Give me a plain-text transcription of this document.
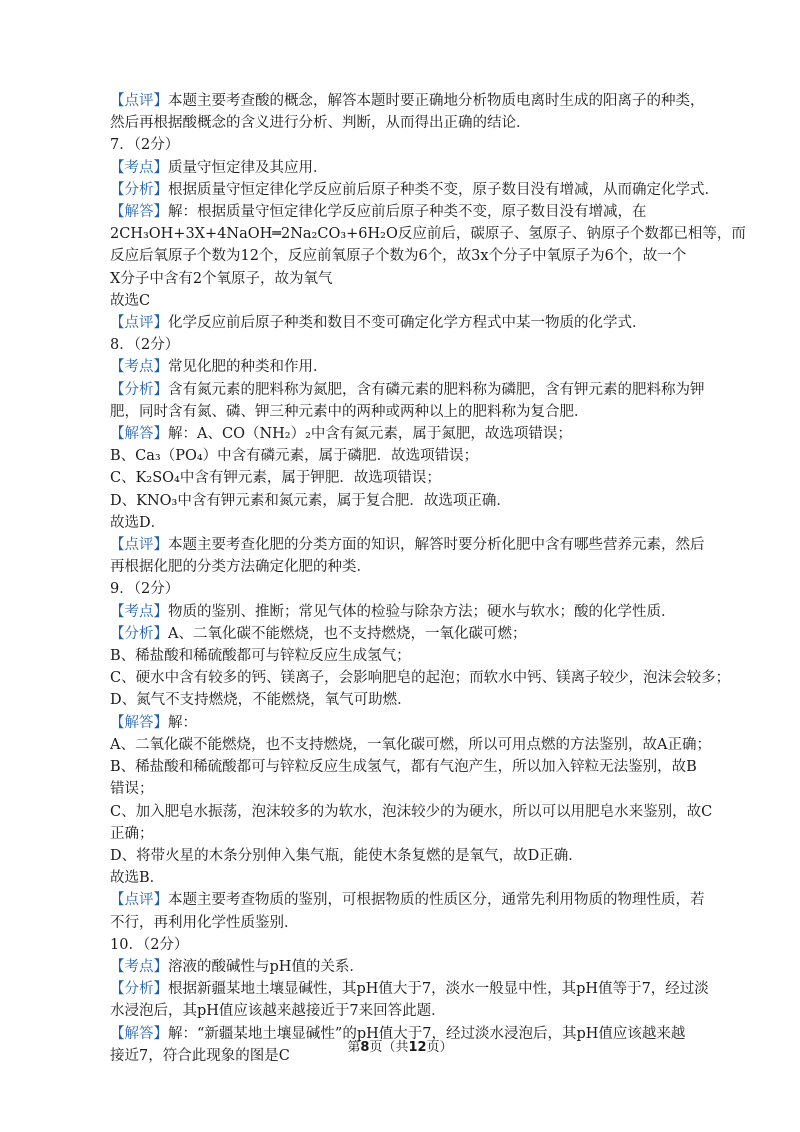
【点评】本题主要考查酸的概念，解答本题时要正确地分析物质电离时生成的阳离子的种类，
然后再根据酸概念的含义进行分析、判断，从而得出正确的结论．
7．（2分）
【考点】质量守恒定律及其应用．
【分析】根据质量守恒定律化学反应前后原子种类不变，原子数目没有增减，从而确定化学式．
【解答】解：根据质量守恒定律化学反应前后原子种类不变，原子数目没有增减，在
2CH₃OH+3X+4NaOH═2Na₂CO₃+6H₂O反应前后，碳原子、氢原子、钠原子个数都已相等，而
反应后氧原子个数为12个，反应前氧原子个数为6个，故3x个分子中氧原子为6个，故一个
X分子中含有2个氧原子，故为氧气
故选C
【点评】化学反应前后原子种类和数目不变可确定化学方程式中某一物质的化学式．
8．（2分）
【考点】常见化肥的种类和作用．
【分析】含有氮元素的肥料称为氮肥，含有磷元素的肥料称为磷肥，含有钾元素的肥料称为钾
肥，同时含有氮、磷、钾三种元素中的两种或两种以上的肥料称为复合肥．
【解答】解：A、CO（NH₂）₂中含有氮元素，属于氮肥，故选项错误；
B、Ca₃（PO₄）中含有磷元素，属于磷肥．故选项错误；
C、K₂SO₄中含有钾元素，属于钾肥．故选项错误；
D、KNO₃中含有钾元素和氮元素，属于复合肥．故选项正确．
故选D．
【点评】本题主要考查化肥的分类方面的知识，解答时要分析化肥中含有哪些营养元素，然后
再根据化肥的分类方法确定化肥的种类．
9．（2分）
【考点】物质的鉴别、推断；常见气体的检验与除杂方法；硬水与软水；酸的化学性质．
【分析】A、二氧化碳不能燃烧，也不支持燃烧，一氧化碳可燃；
B、稀盐酸和稀硫酸都可与锌粒反应生成氢气；
C、硬水中含有较多的钙、镁离子，会影响肥皂的起泡；而软水中钙、镁离子较少，泡沫会较多；
D、氮气不支持燃烧，不能燃烧，氧气可助燃．
【解答】解：
A、二氧化碳不能燃烧，也不支持燃烧，一氧化碳可燃，所以可用点燃的方法鉴别，故A正确；
B、稀盐酸和稀硫酸都可与锌粒反应生成氢气，都有气泡产生，所以加入锌粒无法鉴别，故B
错误；
C、加入肥皂水振荡，泡沫较多的为软水，泡沫较少的为硬水，所以可以用肥皂水来鉴别，故C
正确；
D、将带火星的木条分别伸入集气瓶，能使木条复燃的是氧气，故D正确．
故选B．
【点评】本题主要考查物质的鉴别，可根据物质的性质区分，通常先利用物质的物理性质，若
不行，再利用化学性质鉴别．
10．（2分）
【考点】溶液的酸碱性与pH值的关系．
【分析】根据新疆某地土壤显碱性，其pH值大于7，淡水一般显中性，其pH值等于7，经过淡
水浸泡后，其pH值应该越来越接近于7来回答此题．
【解答】解：“新疆某地土壤显碱性”的pH值大于7，经过淡水浸泡后，其pH值应该越来越
接近7，符合此现象的图是C
第8页（共12页）
